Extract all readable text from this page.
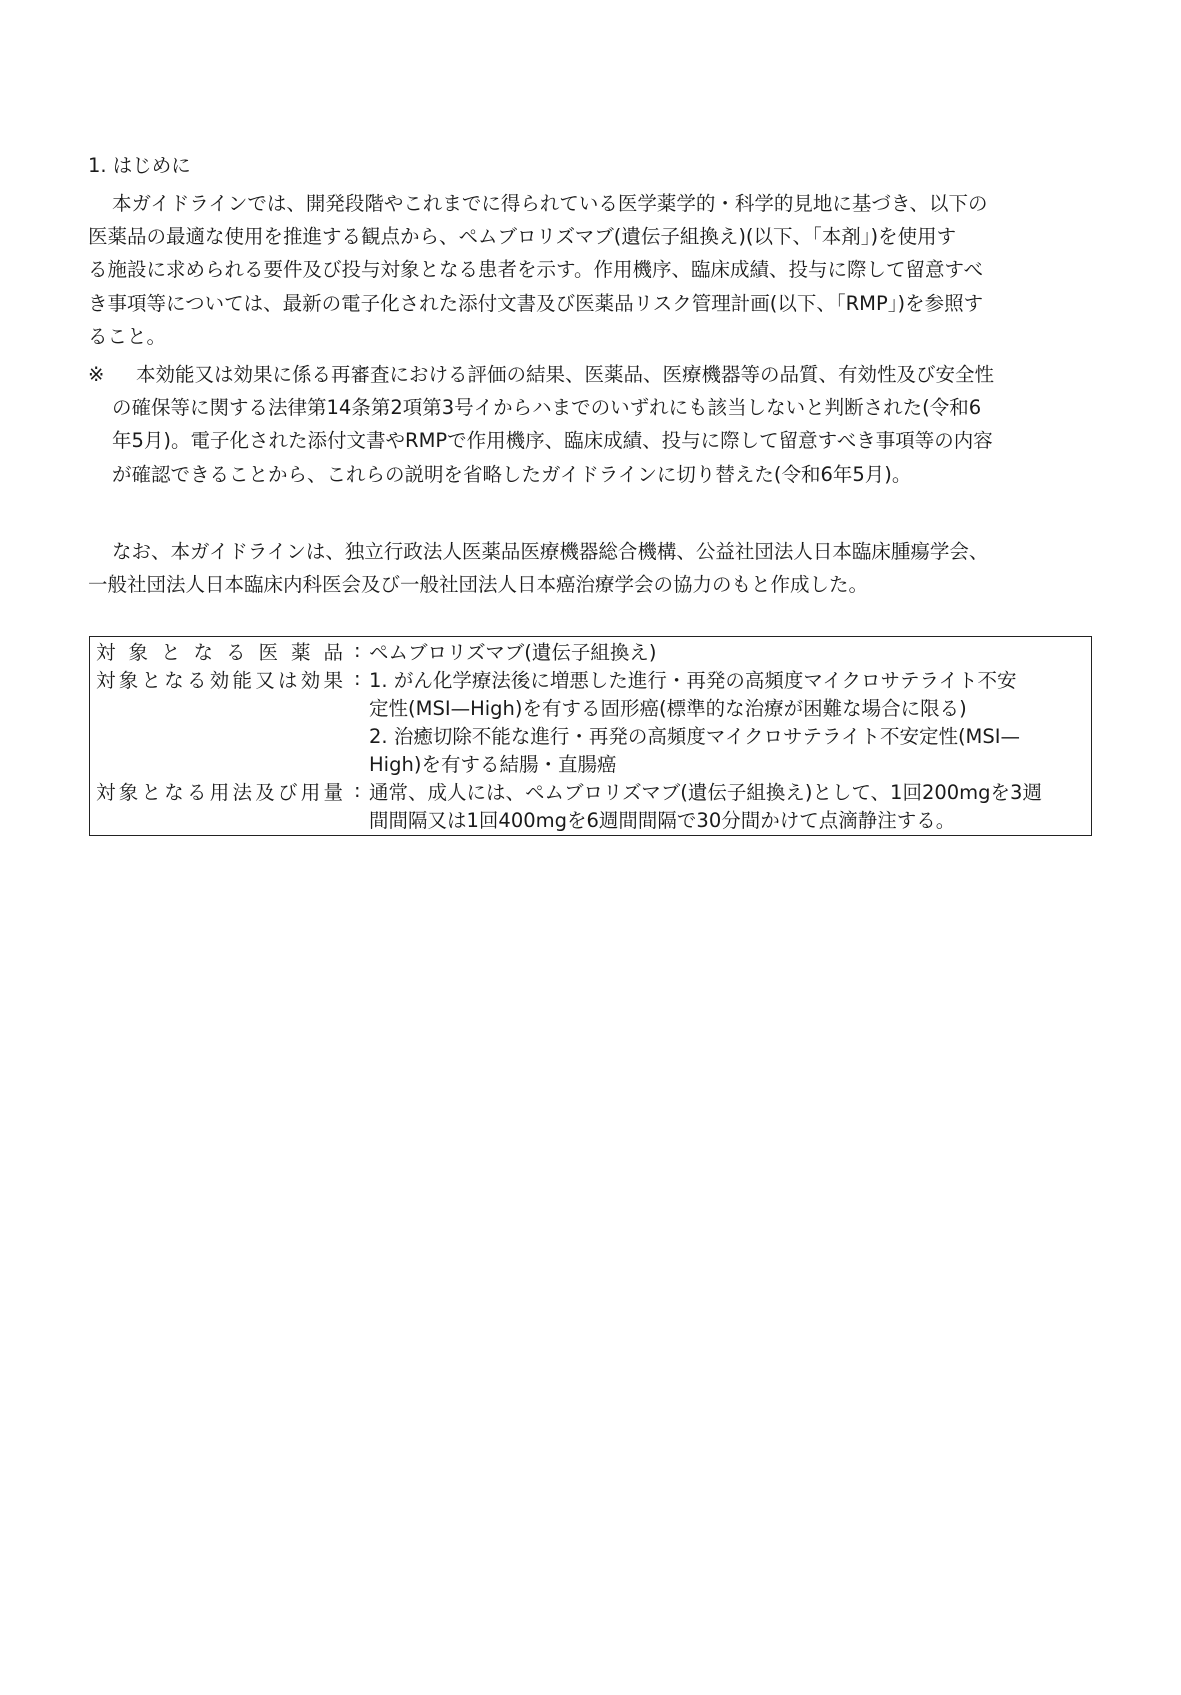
1. はじめに
本ガイドラインでは、開発段階やこれまでに得られている医学薬学的・科学的見地に基づき、以下の
医薬品の最適な使用を推進する観点から、ペムブロリズマブ(遺伝子組換え)(以下、「本剤」)を使用す
る施設に求められる要件及び投与対象となる患者を示す。作用機序、臨床成績、投与に際して留意すべ
き事項等については、最新の電子化された添付文書及び医薬品リスク管理計画(以下、「RMP」)を参照す
ること。
※ 本効能又は効果に係る再審査における評価の結果、医薬品、医療機器等の品質、有効性及び安全性
の確保等に関する法律第14条第2項第3号イからハまでのいずれにも該当しないと判断された(令和6
年5月)。電子化された添付文書やRMPで作用機序、臨床成績、投与に際して留意すべき事項等の内容
が確認できることから、これらの説明を省略したガイドラインに切り替えた(令和6年5月)。
なお、本ガイドラインは、独立行政法人医薬品医療機器総合機構、公益社団法人日本臨床腫瘍学会、
一般社団法人日本臨床内科医会及び一般社団法人日本癌治療学会の協力のもと作成した。
対象となる医薬品	:	ペムブロリズマブ(遺伝子組換え)

対象となる効能又は効果	:	1. がん化学療法後に増悪した進行・再発の高頻度マイクロサテライト不安
定性(MSI—High)を有する固形癌(標準的な治療が困難な場合に限る)
2. 治癒切除不能な進行・再発の高頻度マイクロサテライト不安定性(MSI—
High)を有する結腸・直腸癌

対象となる用法及び用量	:	通常、成人には、ペムブロリズマブ(遺伝子組換え)として、1回200mgを3週
間間隔又は1回400mgを6週間間隔で30分間かけて点滴静注する。
